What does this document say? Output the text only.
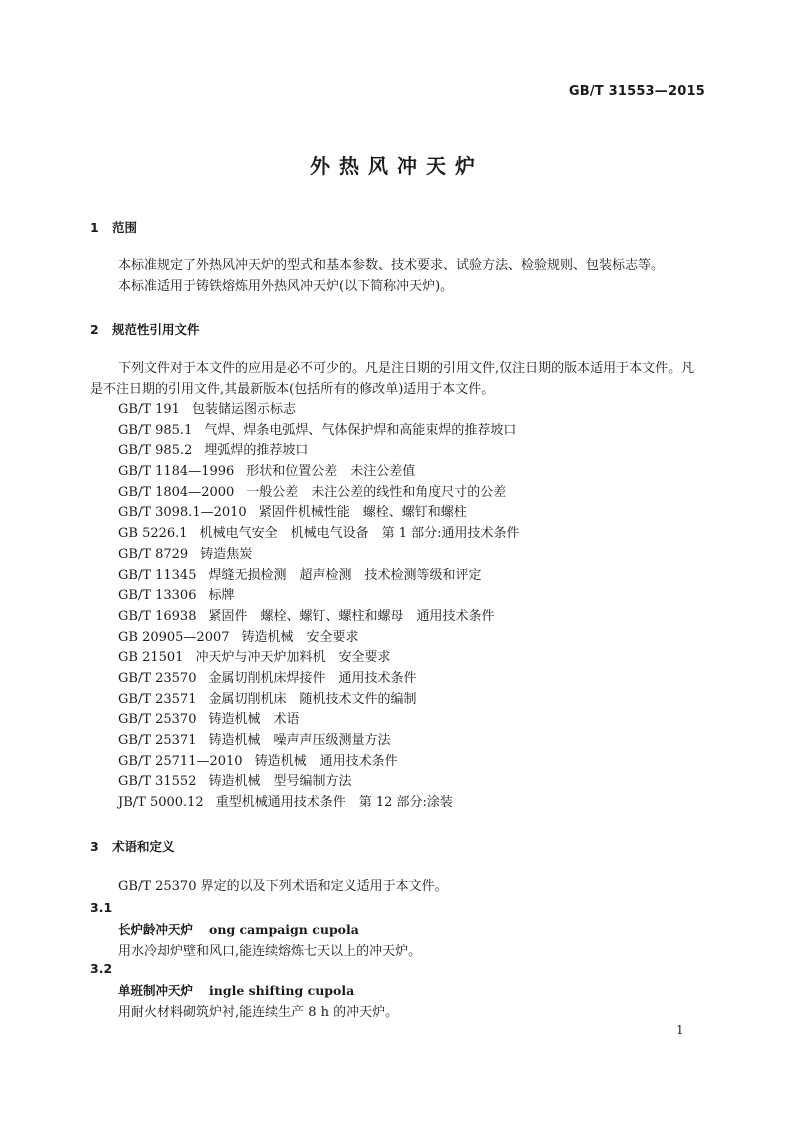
GB/T 31553—2015
外热风冲天炉
1 范围
本标准规定了外热风冲天炉的型式和基本参数、技术要求、试验方法、检验规则、包装标志等。
本标准适用于铸铁熔炼用外热风冲天炉(以下简称冲天炉)。
2 规范性引用文件
下列文件对于本文件的应用是必不可少的。凡是注日期的引用文件,仅注日期的版本适用于本文件。凡是不注日期的引用文件,其最新版本(包括所有的修改单)适用于本文件。
GB/T 191 包装储运图示标志
GB/T 985.1 气焊、焊条电弧焊、气体保护焊和高能束焊的推荐坡口
GB/T 985.2 埋弧焊的推荐坡口
GB/T 1184—1996 形状和位置公差　未注公差值
GB/T 1804—2000 一般公差　未注公差的线性和角度尺寸的公差
GB/T 3098.1—2010 紧固件机械性能　螺栓、螺钉和螺柱
GB 5226.1 机械电气安全　机械电气设备　第 1 部分:通用技术条件
GB/T 8729 铸造焦炭
GB/T 11345 焊缝无损检测　超声检测　技术检测等级和评定
GB/T 13306 标牌
GB/T 16938 紧固件　螺栓、螺钉、螺柱和螺母　通用技术条件
GB 20905—2007 铸造机械　安全要求
GB 21501 冲天炉与冲天炉加料机　安全要求
GB/T 23570 金属切削机床焊接件　通用技术条件
GB/T 23571 金属切削机床　随机技术文件的编制
GB/T 25370 铸造机械　术语
GB/T 25371 铸造机械　噪声声压级测量方法
GB/T 25711—2010 铸造机械　通用技术条件
GB/T 31552 铸造机械　型号编制方法
JB/T 5000.12 重型机械通用技术条件　第 12 部分:涂装
3 术语和定义
GB/T 25370 界定的以及下列术语和定义适用于本文件。
3.1
长炉龄冲天炉 ong campaign cupola
用水冷却炉壁和风口,能连续熔炼七天以上的冲天炉。
3.2
单班制冲天炉 ingle shifting cupola
用耐火材料砌筑炉衬,能连续生产 8 h 的冲天炉。
1
